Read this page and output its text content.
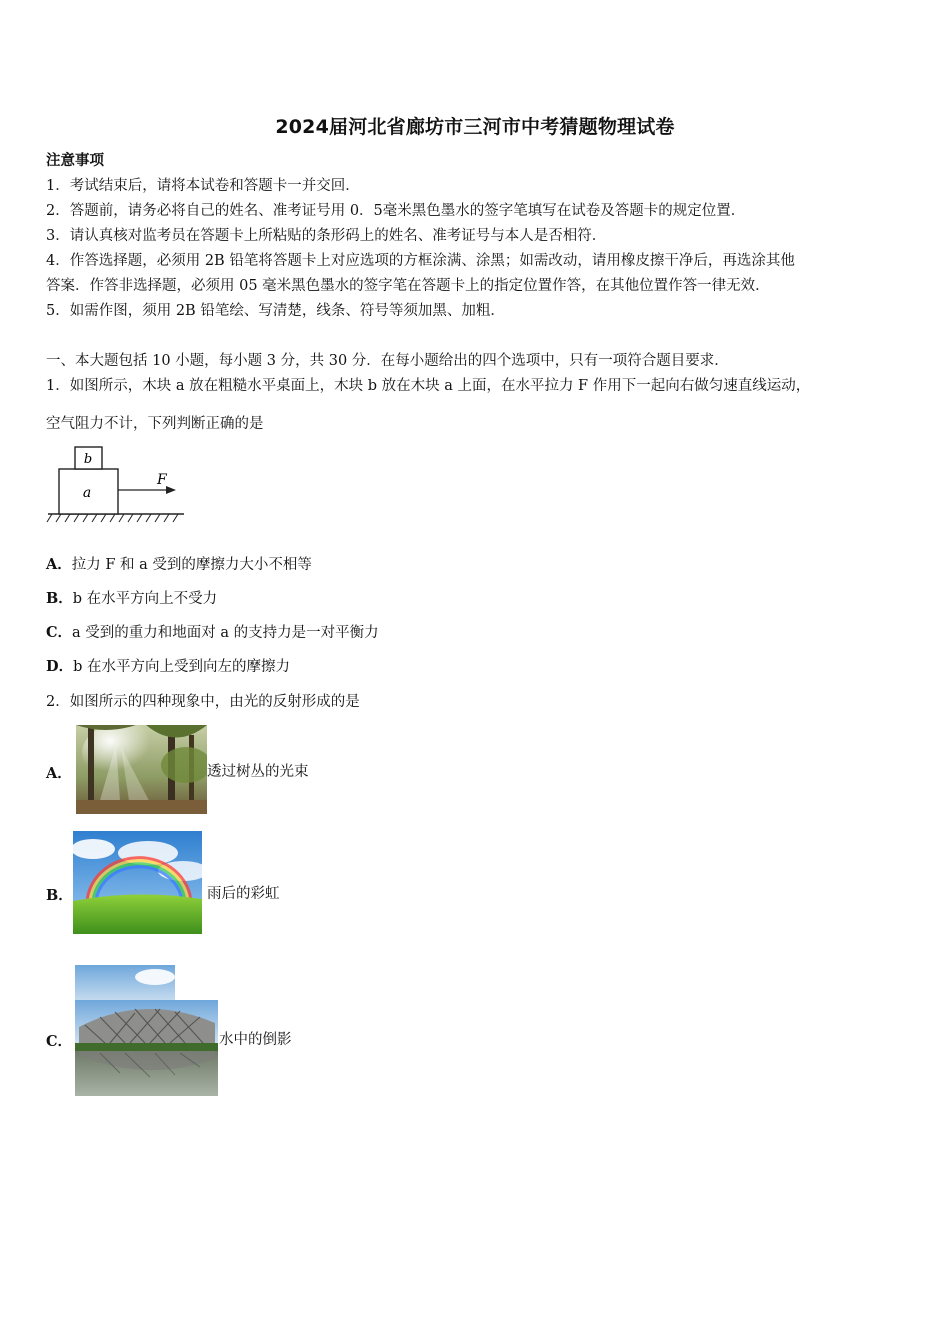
2024届河北省廊坊市三河市中考猜题物理试卷
注意事项
1．考试结束后，请将本试卷和答题卡一并交回．
2．答题前，请务必将自己的姓名、准考证号用 0．5毫米黑色墨水的签字笔填写在试卷及答题卡的规定位置．
3．请认真核对监考员在答题卡上所粘贴的条形码上的姓名、准考证号与本人是否相符．
4．作答选择题，必须用 2B 铅笔将答题卡上对应选项的方框涂满、涂黑；如需改动，请用橡皮擦干净后，再选涂其他
答案．作答非选择题，必须用 05 毫米黑色墨水的签字笔在答题卡上的指定位置作答，在其他位置作答一律无效．
5．如需作图，须用 2B 铅笔绘、写清楚，线条、符号等须加黑、加粗．
一、本大题包括 10 小题，每小题 3 分，共 30 分．在每小题给出的四个选项中，只有一项符合题目要求．
1．如图所示，木块 a 放在粗糙水平桌面上，木块 b 放在木块 a 上面，在水平拉力 F 作用下一起向右做匀速直线运动，
空气阻力不计，下列判断正确的是
a
b
F
A．拉力 F 和 a 受到的摩擦力大小不相等
B．b 在水平方向上不受力
C．a 受到的重力和地面对 a 的支持力是一对平衡力
D．b 在水平方向上受到向左的摩擦力
2．如图所示的四种现象中，由光的反射形成的是
A．	透过树丛的光束
B．	雨后的彩虹
C．	水中的倒影
